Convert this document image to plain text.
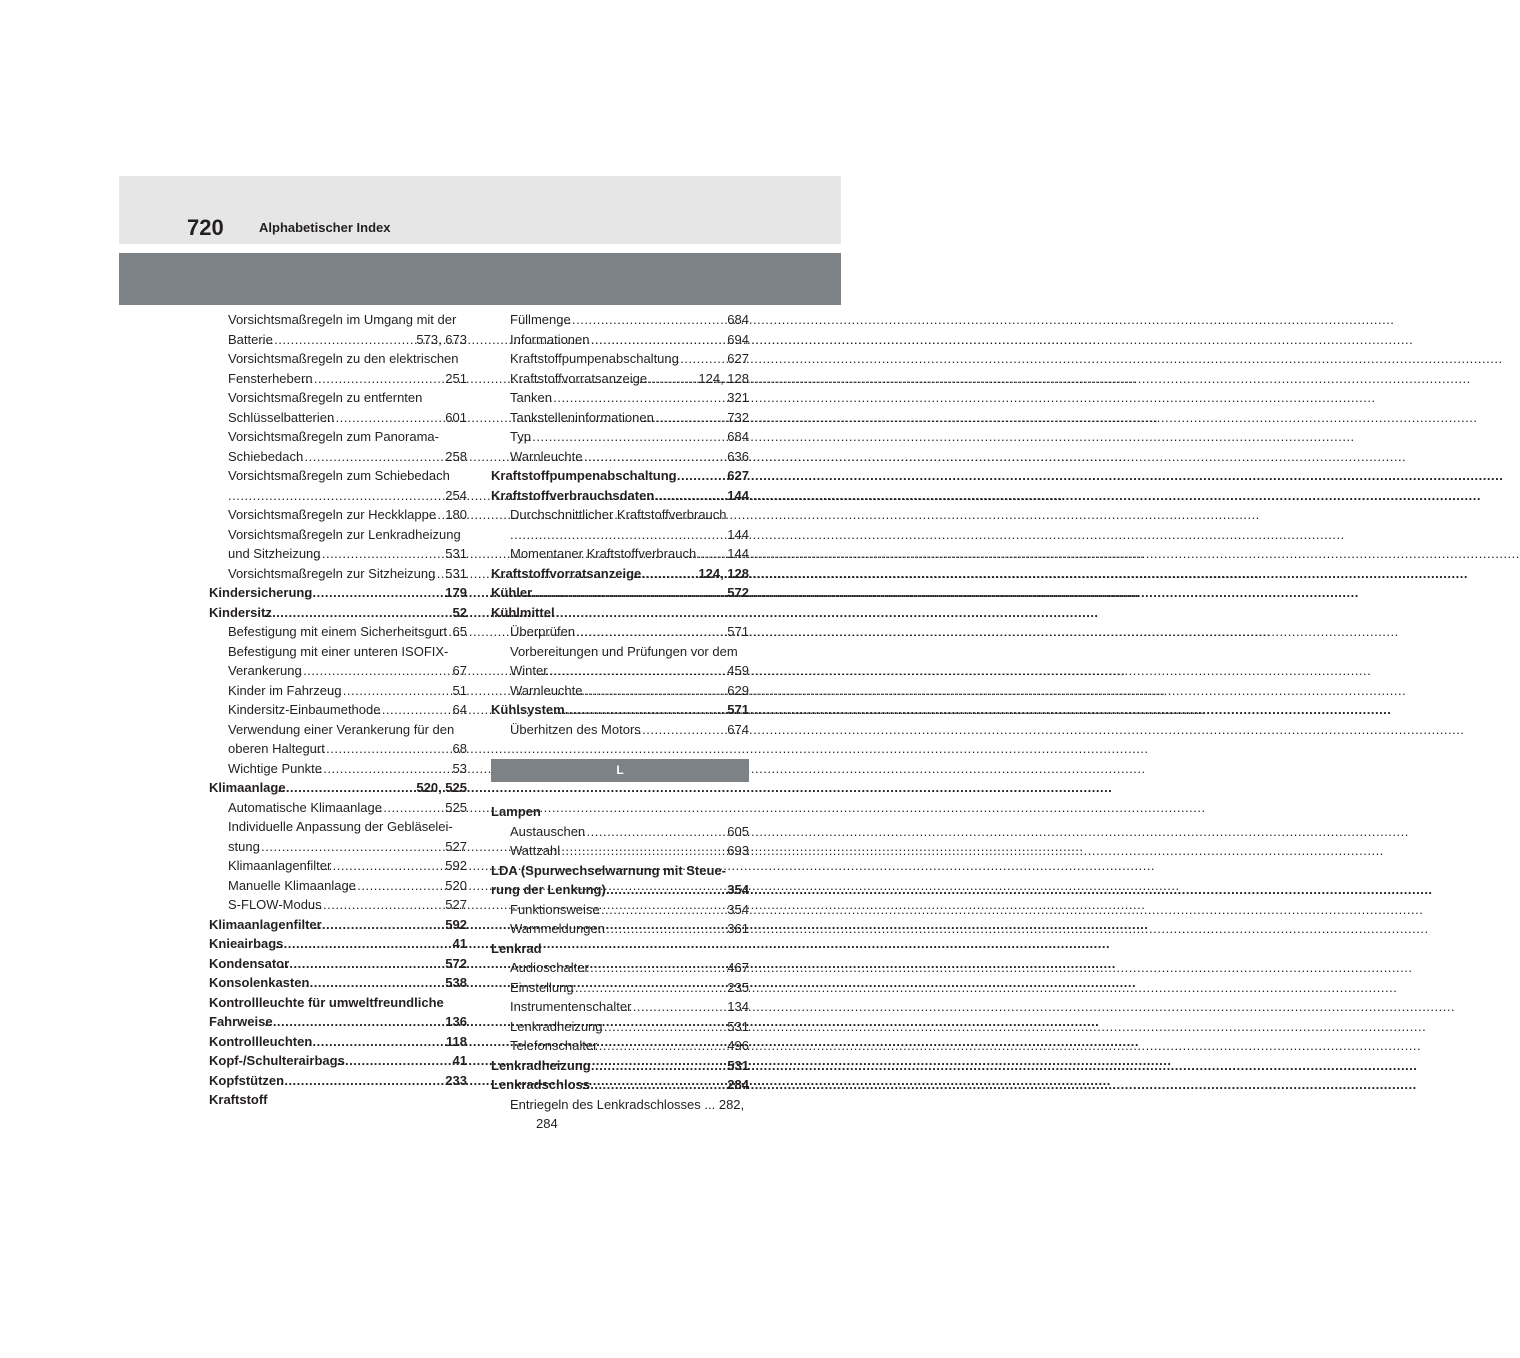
720	Alphabetischer Index
Vorsichtsmaßregeln im Umgang mit der
Batterie .....	573, 673
Vorsichtsmaßregeln zu den elektrischen
Fensterhebern .....	251
Vorsichtsmaßregeln zu entfernten
Schlüsselbatterien .....	601
Vorsichtsmaßregeln zum Panorama-
Schiebedach .....	258
Vorsichtsmaßregeln zum Schiebedach
.....
254
Vorsichtsmaßregeln zur Heckklappe ..... 180
Vorsichtsmaßregeln zur Lenkradheizung
und Sitzheizung .....	531
Vorsichtsmaßregeln zur Sitzheizung ..... 531
Kindersicherung .....	179
Kindersitz .....	52
Befestigung mit einem Sicherheitsgurt ..... 65
Befestigung mit einer unteren ISOFIX-
Verankerung .....	67
Kinder im Fahrzeug .....	51
Kindersitz-Einbaumethode .....	64
Verwendung einer Verankerung für den
oberen Haltegurt .....	68
Wichtige Punkte .....	53
Klimaanlage .....	520, 525
Automatische Klimaanlage .....	525
Individuelle Anpassung der Gebläselei-
stung .....	527
Klimaanlagenfilter .....	592
Manuelle Klimaanlage .....	520
S-FLOW-Modus .....	527
Klimaanlagenfilter .....	592
Knieairbags .....	41
Kondensator .....	572
Konsolenkasten .....	538
Kontrollleuchte für umweltfreundliche
Fahrweise .....	136
Kontrollleuchten .....	118
Kopf-/Schulterairbags .....	41
Kopfstützen .....	233
Kraftstoff
Füllmenge .....	684
Informationen .....	694
Kraftstoffpumpenabschaltung .....	627
Kraftstoffvorratsanzeige .....	124, 128
Tanken .....	321
Tankstelleninformationen .....	732
Typ .....	684
Warnleuchte .....	636
Kraftstoffpumpenabschaltung .....	627
Kraftstoffverbrauchsdaten .....	144
Durchschnittlicher Kraftstoffverbrauch
.....
144
Momentaner Kraftstoffverbrauch ..... 144
Kraftstoffvorratsanzeige .....	124, 128
Kühler .....	572
Kühlmittel
Überprüfen .....	571
Vorbereitungen und Prüfungen vor dem
Winter .....	459
Warnleuchte .....	629
Kühlsystem .....	571
Überhitzen des Motors .....	674
L
Lampen
Austauschen .....	605
Wattzahl .....	693
LDA (Spurwechselwarnung mit Steue-
rung der Lenkung) .....	354
Funktionsweise .....	354
Warnmeldungen .....	361
Lenkrad
Audioschalter .....	467
Einstellung .....	235
Instrumentenschalter .....	134
Lenkradheizung .....	531
Telefonschalter .....	496
Lenkradheizung .....	531
Lenkradschloss .....	284
Entriegeln des Lenkradschlosses ... 282,
284
